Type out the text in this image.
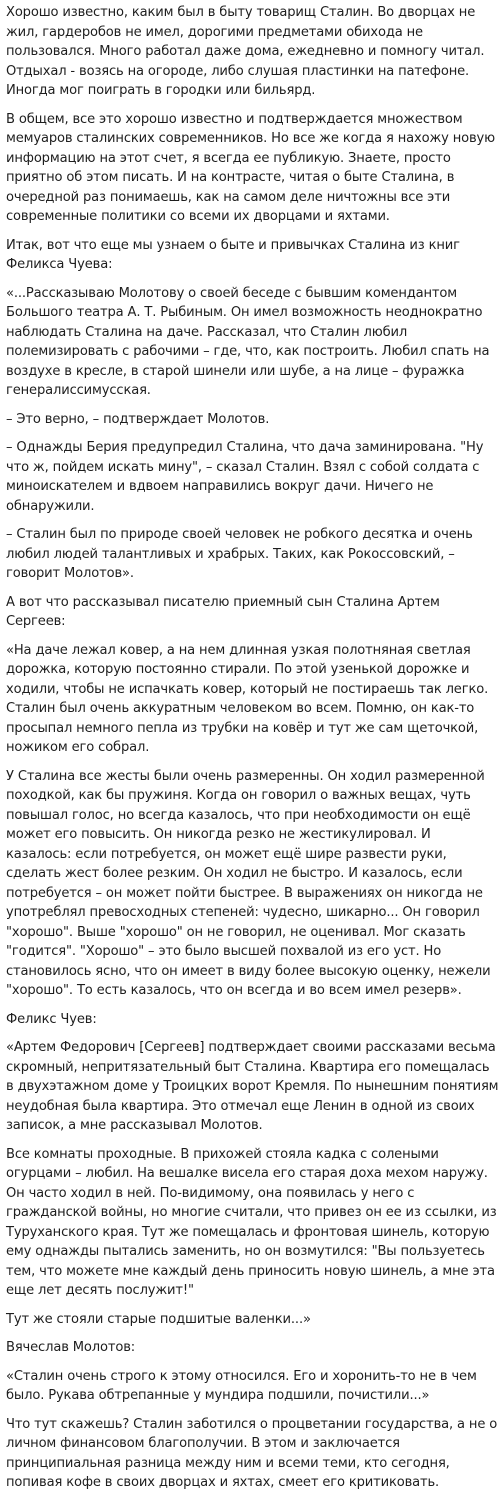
Хорошо известно, каким был в быту товарищ Сталин. Во дворцах не жил, гардеробов не имел, дорогими предметами обихода не пользовался. Много работал даже дома, ежедневно и помногу читал. Отдыхал - возясь на огороде, либо слушая пластинки на патефоне. Иногда мог поиграть в городки или бильярд.

В общем, все это хорошо известно и подтверждается множеством мемуаров сталинских современников. Но все же когда я нахожу новую информацию на этот счет, я всегда ее публикую. Знаете, просто приятно об этом писать. И на контрасте, читая о быте Сталина, в очередной раз понимаешь, как на самом деле ничтожны все эти современные политики со всеми их дворцами и яхтами.

Итак, вот что еще мы узнаем о быте и привычках Сталина из книг Феликса Чуева:

«...Рассказываю Молотову о своей беседе с бывшим комендантом Большого театра А. Т. Рыбиным. Он имел возможность неоднократно наблюдать Сталина на даче. Рассказал, что Сталин любил полемизировать с рабочими – где, что, как построить. Любил спать на воздухе в кресле, в старой шинели или шубе, а на лице – фуражка генералиссимусская.

– Это верно, – подтверждает Молотов.

– Однажды Берия предупредил Сталина, что дача заминирована. "Ну что ж, пойдем искать мину", – сказал Сталин. Взял с собой солдата с миноискателем и вдвоем направились вокруг дачи. Ничего не обнаружили.

– Сталин был по природе своей человек не робкого десятка и очень любил людей талантливых и храбрых. Таких, как Рокоссовский, – говорит Молотов».

А вот что рассказывал писателю приемный сын Сталина Артем Сергеев:

«На даче лежал ковер, а на нем длинная узкая полотняная светлая дорожка, которую постоянно стирали. По этой узенькой дорожке и ходили, чтобы не испачкать ковер, который не постираешь так легко. Сталин был очень аккуратным человеком во всем. Помню, он как-то просыпал немного пепла из трубки на ковёр и тут же сам щеточкой, ножиком его собрал.

У Сталина все жесты были очень размеренны. Он ходил размеренной походкой, как бы пружиня. Когда он говорил о важных вещах, чуть повышал голос, но всегда казалось, что при необходимости он ещё может его повысить. Он никогда резко не жестикулировал. И казалось: если потребуется, он может ещё шире развести руки, сделать жест более резким. Он ходил не быстро. И казалось, если потребуется – он может пойти быстрее. В выражениях он никогда не употреблял превосходных степеней: чудесно, шикарно... Он говорил "хорошо". Выше "хорошо" он не говорил, не оценивал. Мог сказать "годится". "Хорошо" – это было высшей похвалой из его уст. Но становилось ясно, что он имеет в виду более высокую оценку, нежели "хорошо". То есть казалось, что он всегда и во всем имел резерв».

Феликс Чуев:

«Артем Федорович [Сергеев] подтверждает своими рассказами весьма скромный, непритязательный быт Сталина. Квартира его помещалась в двухэтажном доме у Троицких ворот Кремля. По нынешним понятиям неудобная была квартира. Это отмечал еще Ленин в одной из своих записок, а мне рассказывал Молотов.

Все комнаты проходные. В прихожей стояла кадка с солеными огурцами – любил. На вешалке висела его старая доха мехом наружу. Он часто ходил в ней. По-видимому, она появилась у него с гражданской войны, но многие считали, что привез он ее из ссылки, из Туруханского края. Тут же помещалась и фронтовая шинель, которую ему однажды пытались заменить, но он возмутился: "Вы пользуетесь тем, что можете мне каждый день приносить новую шинель, а мне эта еще лет десять послужит!"

Тут же стояли старые подшитые валенки...»

Вячеслав Молотов:

«Сталин очень строго к этому относился. Его и хоронить-то не в чем было. Рукава обтрепанные у мундира подшили, почистили...»

Что тут скажешь? Сталин заботился о процветании государства, а не о личном финансовом благополучии. В этом и заключается принципиальная разница между ним и всеми теми, кто сегодня, попивая кофе в своих дворцах и яхтах, смеет его критиковать.
